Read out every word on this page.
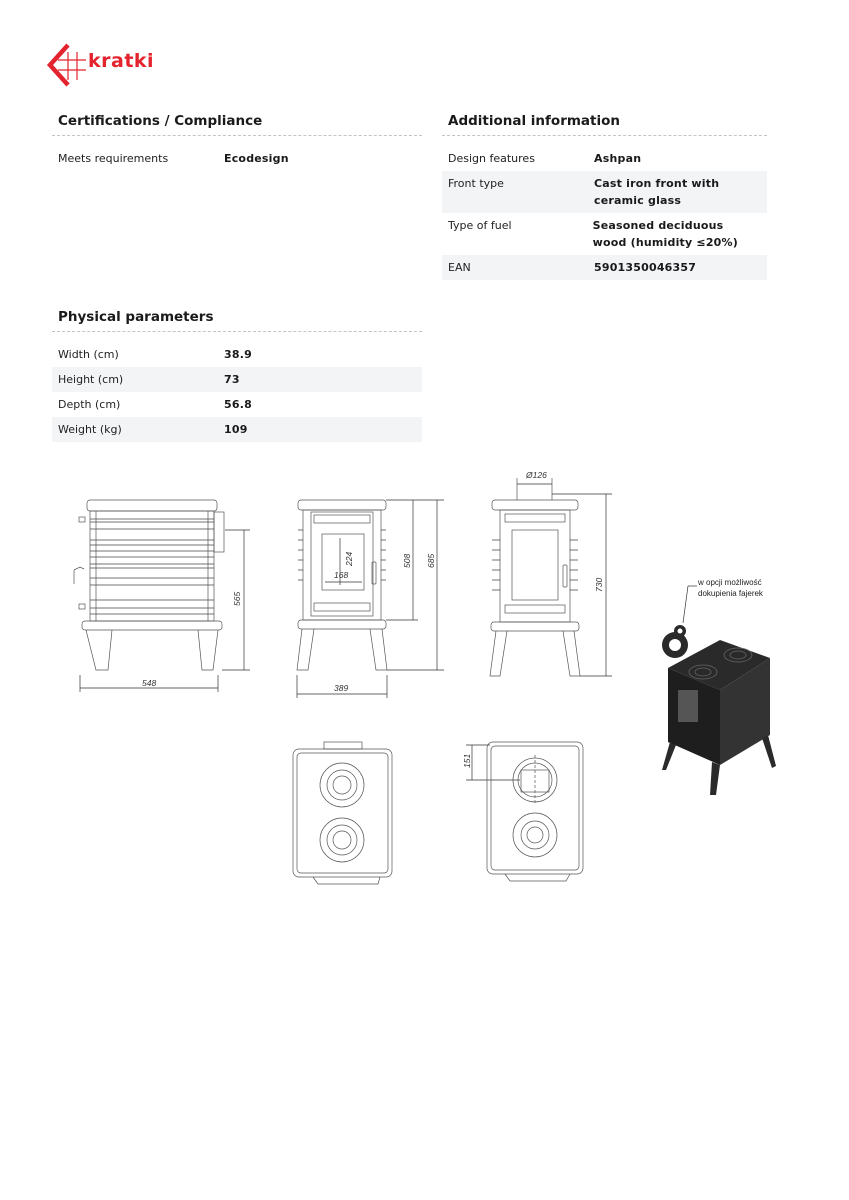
kratki
Certifications / Compliance
Meets requirements	Ecodesign
Additional information
Design features	Ashpan
Front type	Cast iron front with ceramic glass
Type of fuel	Seasoned deciduous wood (humidity ≤20%)
EAN	5901350046357
Physical parameters
Width (cm)	38.9
Height (cm)	73
Depth (cm)	56.8
Weight (kg)	109
w opcji możliwość
dokupienia fajerek
548
565
389
168
224	508 685
Ø126
730
151
